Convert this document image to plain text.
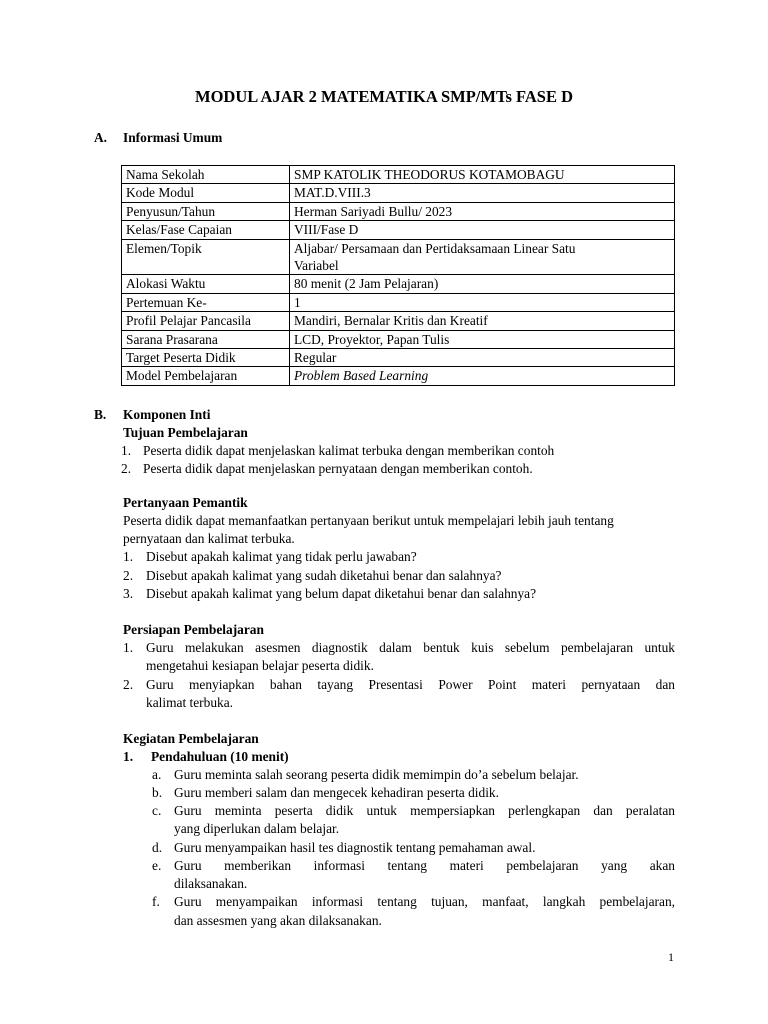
MODUL AJAR 2 MATEMATIKA SMP/MTs FASE D
A. Informasi Umum
Nama Sekolah	SMP KATOLIK THEODORUS KOTAMOBAGU
Kode Modul	MAT.D.VIII.3
Penyusun/Tahun	Herman Sariyadi Bullu/ 2023
Kelas/Fase Capaian	VIII/Fase D
Elemen/Topik	Aljabar/ Persamaan dan Pertidaksamaan Linear Satu
Variabel

Alokasi Waktu	80 menit (2 Jam Pelajaran)
Pertemuan Ke-	1
Profil Pelajar Pancasila	Mandiri, Bernalar Kritis dan Kreatif
Sarana Prasarana	LCD, Proyektor, Papan Tulis
Target Peserta Didik	Regular
Model Pembelajaran	Problem Based Learning
B. Komponen Inti
Tujuan Pembelajaran
1. Peserta didik dapat menjelaskan kalimat terbuka dengan memberikan contoh
2. Peserta didik dapat menjelaskan pernyataan dengan memberikan contoh.
Pertanyaan Pemantik
Peserta didik dapat memanfaatkan pertanyaan berikut untuk mempelajari lebih jauh tentang
pernyataan dan kalimat terbuka.
1. Disebut apakah kalimat yang tidak perlu jawaban?
2. Disebut apakah kalimat yang sudah diketahui benar dan salahnya?
3. Disebut apakah kalimat yang belum dapat diketahui benar dan salahnya?
Persiapan Pembelajaran
1. Guru melakukan asesmen diagnostik dalam bentuk kuis sebelum pembelajaran untuk
mengetahui kesiapan belajar peserta didik.
2. Guru menyiapkan bahan tayang Presentasi Power Point materi pernyataan dan
kalimat terbuka.
Kegiatan Pembelajaran
1. Pendahuluan (10 menit)
a. Guru meminta salah seorang peserta didik memimpin do’a sebelum belajar.
b. Guru memberi salam dan mengecek kehadiran peserta didik.
c. Guru meminta peserta didik untuk mempersiapkan perlengkapan dan peralatan
yang diperlukan dalam belajar.
d. Guru menyampaikan hasil tes diagnostik tentang pemahaman awal.
e. Guru memberikan informasi tentang materi pembelajaran yang akan
dilaksanakan.
f. Guru menyampaikan informasi tentang tujuan, manfaat, langkah pembelajaran,
dan assesmen yang akan dilaksanakan.
1
